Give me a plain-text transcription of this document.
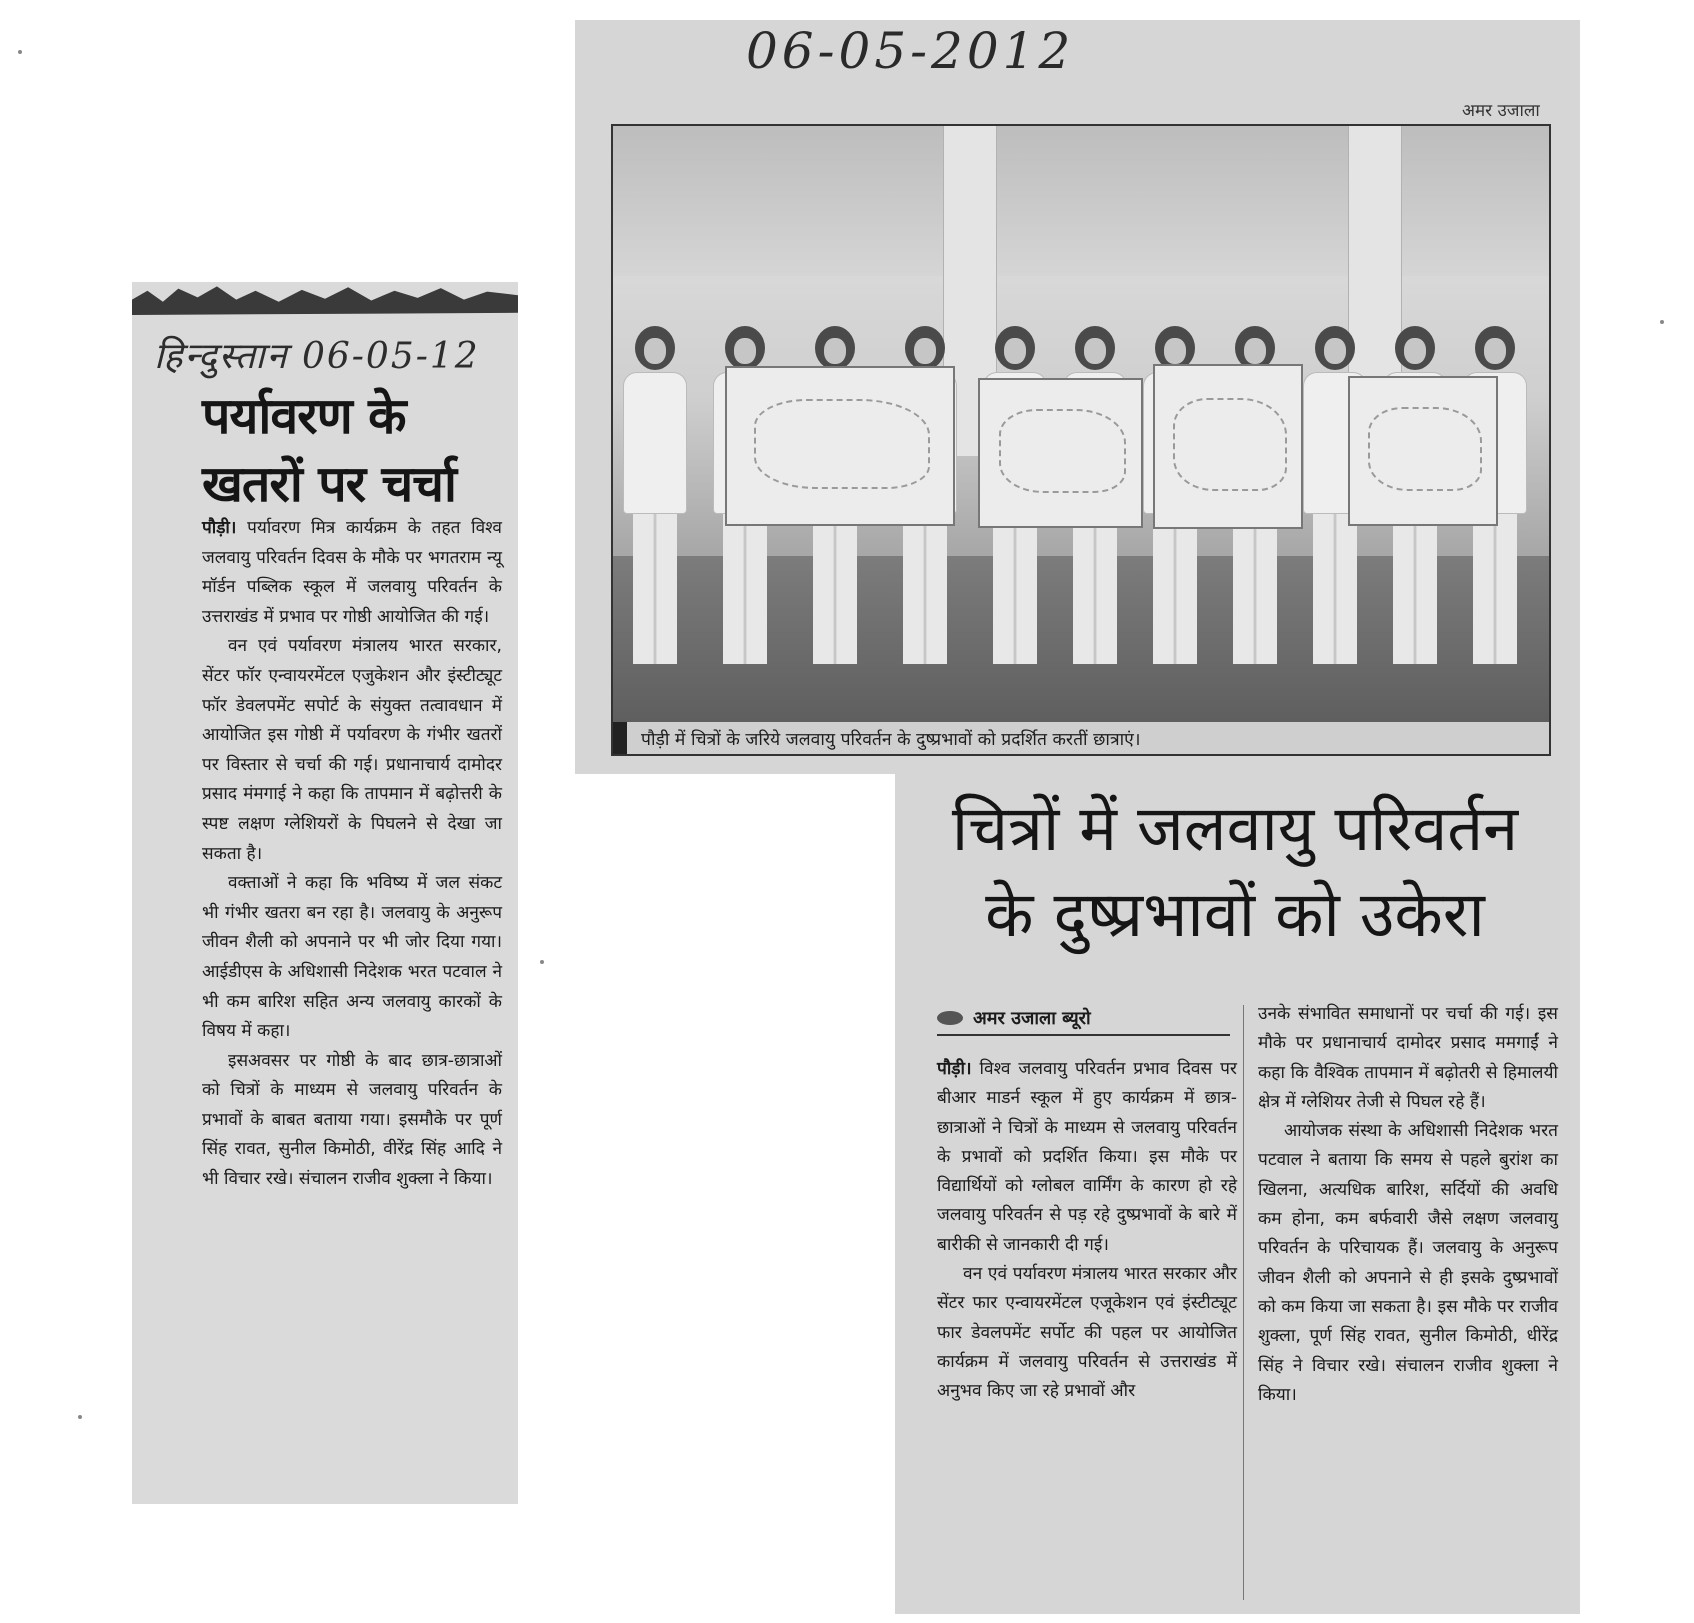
हिन्दुस्तान 06-05-12
पर्यावरण के
खतरों पर चर्चा

पौड़ी। पर्यावरण मित्र कार्यक्रम के तहत विश्व जलवायु परिवर्तन दिवस के मौके पर भगतराम न्यू मॉर्डन पब्लिक स्कूल में जलवायु परिवर्तन के उत्तराखंड में प्रभाव पर गोष्ठी आयोजित की गई।

वन एवं पर्यावरण मंत्रालय भारत सरकार, सेंटर फॉर एन्वायरमेंटल एजुकेशन और इंस्टीट्यूट फॉर डेवलपमेंट सपोर्ट के संयुक्त तत्वावधान में आयोजित इस गोष्ठी में पर्यावरण के गंभीर खतरों पर विस्तार से चर्चा की गई। प्रधानाचार्य दामोदर प्रसाद मंमगाई ने कहा कि तापमान में बढ़ोत्तरी के स्पष्ट लक्षण ग्लेशियरों के पिघलने से देखा जा सकता है।

वक्ताओं ने कहा कि भविष्य में जल संकट भी गंभीर खतरा बन रहा है। जलवायु के अनुरूप जीवन शैली को अपनाने पर भी जोर दिया गया। आईडीएस के अधिशासी निदेशक भरत पटवाल ने भी कम बारिश सहित अन्य जलवायु कारकों के विषय में कहा।

इसअवसर पर गोष्ठी के बाद छात्र-छात्राओं को चित्रों के माध्यम से जलवायु परिवर्तन के प्रभावों के बाबत बताया गया। इसमौके पर पूर्ण सिंह रावत, सुनील किमोठी, वीरेंद्र सिंह आदि ने भी विचार रखे। संचालन राजीव शुक्ला ने किया।

06-05-2012
अमर उजाला
पौड़ी में चित्रों के जरिये जलवायु परिवर्तन के दुष्प्रभावों को प्रदर्शित करतीं छात्राएं।
चित्रों में जलवायु परिवर्तन
के दुष्प्रभावों को उकेरा
अमर उजाला ब्यूरो

पौड़ी। विश्व जलवायु परिवर्तन प्रभाव दिवस पर बीआर माडर्न स्कूल में हुए कार्यक्रम में छात्र-छात्राओं ने चित्रों के माध्यम से जलवायु परिवर्तन के प्रभावों को प्रदर्शित किया। इस मौके पर विद्यार्थियों को ग्लोबल वार्मिंग के कारण हो रहे जलवायु परिवर्तन से पड़ रहे दुष्प्रभावों के बारे में बारीकी से जानकारी दी गई।

वन एवं पर्यावरण मंत्रालय भारत सरकार और सेंटर फार एन्वायरमेंटल एजूकेशन एवं इंस्टीट्यूट फार डेवलपमेंट सर्पोट की पहल पर आयोजित कार्यक्रम में जलवायु परिवर्तन से उत्तराखंड में अनुभव किए जा रहे प्रभावों और

उनके संभावित समाधानों पर चर्चा की गई। इस मौके पर प्रधानाचार्य दामोदर प्रसाद ममगाईं ने कहा कि वैश्विक तापमान में बढ़ोतरी से हिमालयी क्षेत्र में ग्लेशियर तेजी से पिघल रहे हैं।

आयोजक संस्था के अधिशासी निदेशक भरत पटवाल ने बताया कि समय से पहले बुरांश का खिलना, अत्यधिक बारिश, सर्दियों की अवधि कम होना, कम बर्फवारी जैसे लक्षण जलवायु परिवर्तन के परिचायक हैं। जलवायु के अनुरूप जीवन शैली को अपनाने से ही इसके दुष्प्रभावों को कम किया जा सकता है। इस मौके पर राजीव शुक्ला, पूर्ण सिंह रावत, सुनील किमोठी, धीरेंद्र सिंह ने विचार रखे। संचालन राजीव शुक्ला ने किया।
